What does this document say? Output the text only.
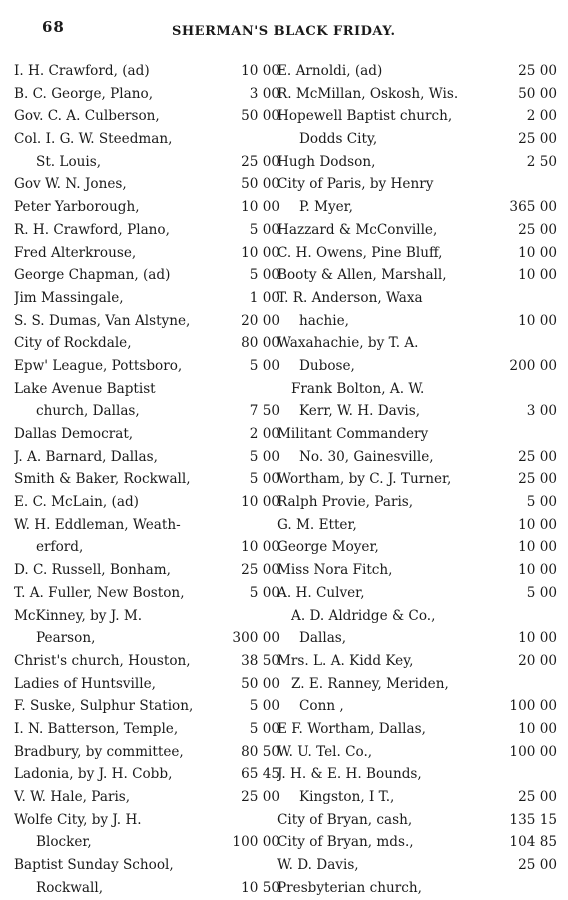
68	SHERMAN'S BLACK FRIDAY.
I. H. Crawford, (ad)	10 00
B. C. George, Plano,	3 00
Gov. C. A. Culberson,	50 00
Col. I. G. W. Steedman,
St. Louis,	25 00
Gov W. N. Jones,	50 00
Peter Yarborough,	10 00
R. H. Crawford, Plano,	5 00
Fred Alterkrouse,	10 00
George Chapman, (ad)	5 00
Jim Massingale,	1 00
S. S. Dumas, Van Alstyne,	20 00
City of Rockdale,	80 00
Epw' League, Pottsboro,	5 00
Lake Avenue Baptist
church, Dallas,	7 50
Dallas Democrat,	2 00
J. A. Barnard, Dallas,	5 00
Smith & Baker, Rockwall,	5 00
E. C. McLain, (ad)	10 00
W. H. Eddleman, Weath-
erford,	10 00
D. C. Russell, Bonham,	25 00
T. A. Fuller, New Boston,	5 00
McKinney, by J. M.
Pearson,	300 00
Christ's church, Houston,	38 50
Ladies of Huntsville,	50 00
F. Suske, Sulphur Station,	5 00
I. N. Batterson, Temple,	5 00
Bradbury, by committee,	80 50
Ladonia, by J. H. Cobb,	65 45
V. W. Hale, Paris,	25 00
Wolfe City, by J. H.
Blocker,	100 00
Baptist Sunday School,
Rockwall,	10 50
E. Arnoldi, (ad)	25 00
R. McMillan, Oskosh, Wis.	50 00
Hopewell Baptist church,	2 00
Dodds City,	25 00
Hugh Dodson,	2 50
City of Paris, by Henry
P. Myer,	365 00
Hazzard & McConville,	25 00
C. H. Owens, Pine Bluff,	10 00
Booty & Allen, Marshall,	10 00
T. R. Anderson, Waxa
hachie,	10 00
Waxahachie, by T. A.
Dubose,	200 00
Frank Bolton, A. W.
Kerr, W. H. Davis,	3 00
Militant Commandery
No. 30, Gainesville,	25 00
Wortham, by C. J. Turner,	25 00
Ralph Provie, Paris,	5 00
G. M. Etter,	10 00
George Moyer,	10 00
Miss Nora Fitch,	10 00
A. H. Culver,	5 00
A. D. Aldridge & Co.,
Dallas,	10 00
Mrs. L. A. Kidd Key,	20 00
Z. E. Ranney, Meriden,
Conn ,	100 00
E F. Wortham, Dallas,	10 00
W. U. Tel. Co.,	100 00
J. H. & E. H. Bounds,
Kingston, I T.,	25 00
City of Bryan, cash,	135 15
City of Bryan, mds.,	104 85
W. D. Davis,	25 00
Presbyterian church,
